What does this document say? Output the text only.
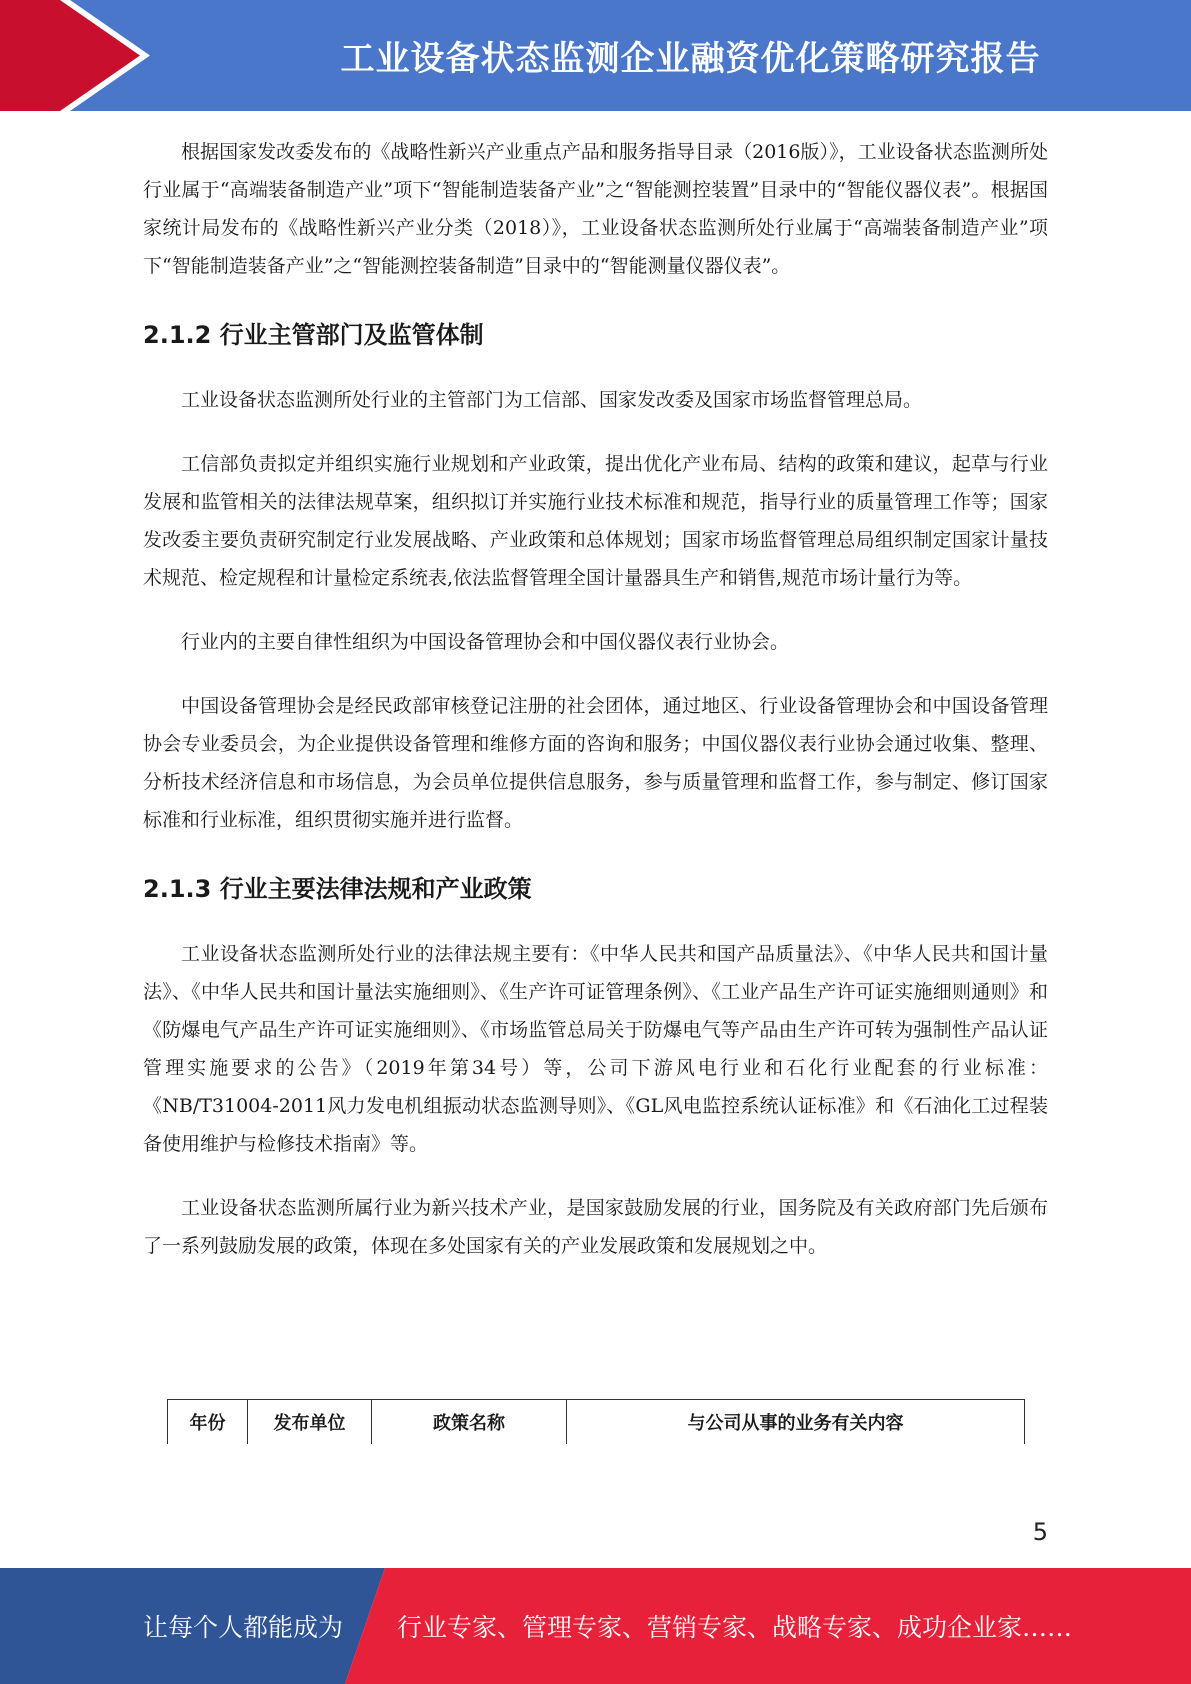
工业设备状态监测企业融资优化策略研究报告

根据国家发改委发布的《战略性新兴产业重点产品和服务指导目录（2016版）》，工业设备状态监测所处行业属于“高端装备制造产业”项下“智能制造装备产业”之“智能测控装置”目录中的“智能仪器仪表”。根据国家统计局发布的《战略性新兴产业分类（2018）》，工业设备状态监测所处行业属于“高端装备制造产业”项下“智能制造装备产业”之“智能测控装备制造”目录中的“智能测量仪器仪表”。

2.1.2 行业主管部门及监管体制

工业设备状态监测所处行业的主管部门为工信部、国家发改委及国家市场监督管理总局。

工信部负责拟定并组织实施行业规划和产业政策，提出优化产业布局、结构的政策和建议，起草与行业发展和监管相关的法律法规草案，组织拟订并实施行业技术标准和规范，指导行业的质量管理工作等；国家发改委主要负责研究制定行业发展战略、产业政策和总体规划；国家市场监督管理总局组织制定国家计量技术规范、检定规程和计量检定系统表,依法监督管理全国计量器具生产和销售,规范市场计量行为等。

行业内的主要自律性组织为中国设备管理协会和中国仪器仪表行业协会。

中国设备管理协会是经民政部审核登记注册的社会团体，通过地区、行业设备管理协会和中国设备管理协会专业委员会，为企业提供设备管理和维修方面的咨询和服务；中国仪器仪表行业协会通过收集、整理、分析技术经济信息和市场信息，为会员单位提供信息服务，参与质量管理和监督工作，参与制定、修订国家标准和行业标准，组织贯彻实施并进行监督。

2.1.3 行业主要法律法规和产业政策

工业设备状态监测所处行业的法律法规主要有：《中华人民共和国产品质量法》、《中华人民共和国计量法》、《中华人民共和国计量法实施细则》、《生产许可证管理条例》、《工业产品生产许可证实施细则通则》和《防爆电气产品生产许可证实施细则》、《市场监管总局关于防爆电气等产品由生产许可转为强制性产品认证管理实施要求的公告》（2019年第34号）等，公司下游风电行业和石化行业配套的行业标准：《NB/T31004-2011风力发电机组振动状态监测导则》、《GL风电监控系统认证标准》和《石油化工过程装备使用维护与检修技术指南》等。

工业设备状态监测所属行业为新兴技术产业，是国家鼓励发展的行业，国务院及有关政府部门先后颁布了一系列鼓励发展的政策，体现在多处国家有关的产业发展政策和发展规划之中。

年份	发布单位	政策名称	与公司从事的业务有关内容
5
让每个人都能成为 行业专家、管理专家、营销专家、战略专家、成功企业家……
